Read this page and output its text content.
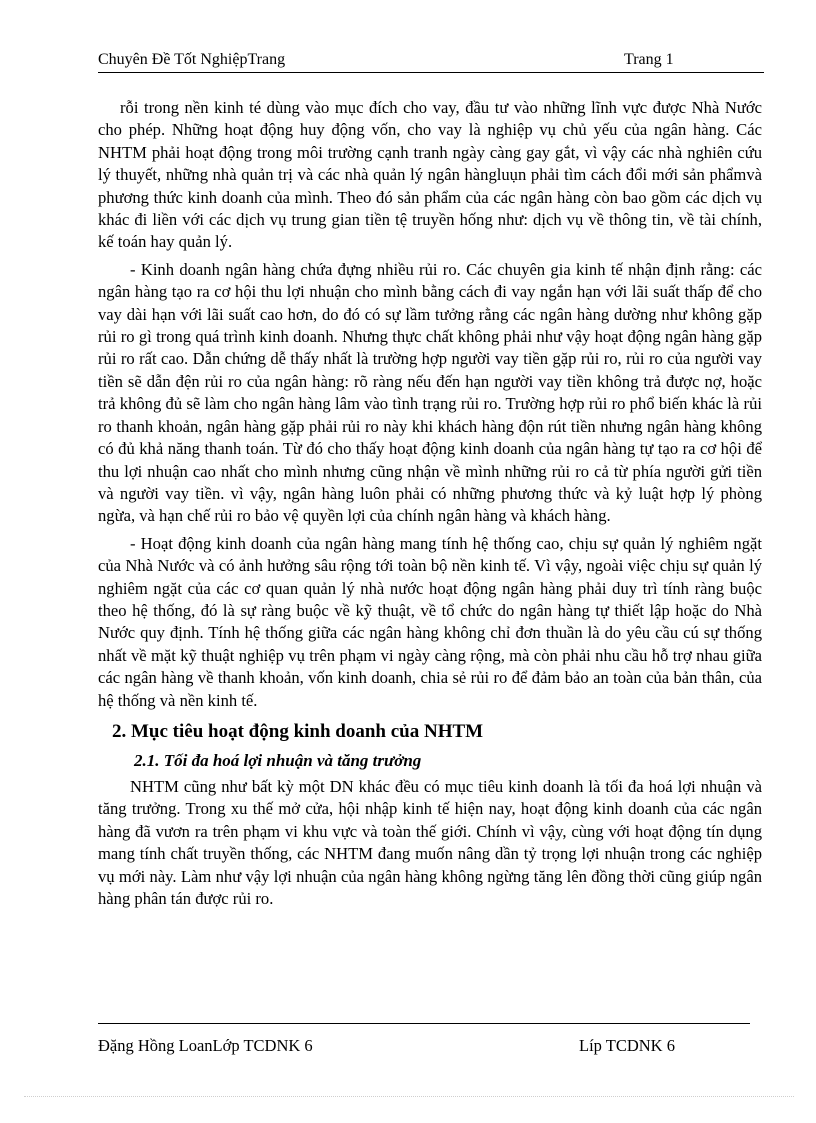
Chuyên Đề Tốt NghiệpTrang	Trang 1

rỗi trong nền kinh té dùng vào mục đích cho vay, đầu tư vào những lĩnh vực được Nhà Nước cho phép. Những hoạt động huy động vốn, cho vay là nghiệp vụ chủ yếu của ngân hàng. Các NHTM phải hoạt động trong môi trường cạnh tranh ngày càng gay gắt, vì vậy các nhà nghiên cứu lý thuyết, những nhà quản trị và các nhà quản lý ngân hàngluụn phải tìm cách đổi mới sản phẩmvà phương thức kinh doanh của mình. Theo đó sản phẩm của các ngân hàng còn bao gồm các dịch vụ khác đi liền với các dịch vụ trung gian tiền tệ truyền hống như: dịch vụ về thông tin, về tài chính, kế toán hay quản lý.

- Kinh doanh ngân hàng chứa đựng nhiều rủi ro. Các chuyên gia kinh tế nhận định rằng: các ngân hàng tạo ra cơ hội thu lợi nhuận cho mình bằng cách đi vay ngắn hạn với lãi suất thấp để cho vay dài hạn với lãi suất cao hơn, do đó có sự lầm tưởng rằng các ngân hàng dường như không gặp rủi ro gì trong quá trình kinh doanh. Nhưng thực chất không phải như vậy hoạt động ngân hàng gặp rủi ro rất cao. Dẫn chứng dễ thấy nhất là trường hợp người vay tiền gặp rủi ro, rủi ro của người vay tiền sẽ dẫn đện rủi ro của ngân hàng: rõ ràng nếu đến hạn người vay tiền không trả được nợ, hoặc trả không đủ sẽ làm cho ngân hàng lâm vào tình trạng rủi ro. Trường hợp rủi ro phổ biến khác là rủi ro thanh khoản, ngân hàng gặp phải rủi ro này khi khách hàng độn rút tiền nhưng ngân hàng không có đủ khả năng thanh toán. Từ đó cho thấy hoạt động kinh doanh của ngân hàng tự tạo ra cơ hội để thu lợi nhuận cao nhất cho mình nhưng cũng nhận về mình những rủi ro cả từ phía người gửi tiền và người vay tiền. vì vậy, ngân hàng luôn phải có những phương thức và kỷ luật hợp lý phòng ngừa, và hạn chế rủi ro bảo vệ quyền lợi của chính ngân hàng và khách hàng.

- Hoạt động kinh doanh của ngân hàng mang tính hệ thống cao, chịu sự quản lý nghiêm ngặt của Nhà Nước và có ảnh hưởng sâu rộng tới toàn bộ nền kinh tế. Vì vậy, ngoài việc chịu sự quản lý nghiêm ngặt của các cơ quan quản lý nhà nước hoạt động ngân hàng phải duy trì tính ràng buộc theo hệ thống, đó là sự ràng buộc về kỹ thuật, về tổ chức do ngân hàng tự thiết lập hoặc do Nhà Nước quy định. Tính hệ thống giữa các ngân hàng không chỉ đơn thuần là do yêu cầu cú sự thống nhất về mặt kỹ thuật nghiệp vụ trên phạm vi ngày càng rộng, mà còn phải nhu cầu hỗ trợ nhau giữa các ngân hàng về thanh khoản, vốn kinh doanh, chia sẻ rủi ro để đảm bảo an toàn của bản thân, của hệ thống và nền kinh tế.

2. Mục tiêu hoạt động kinh doanh của NHTM
2.1. Tối đa hoá lợi nhuận và tăng trưởng

NHTM cũng như bất kỳ một DN khác đều có mục tiêu kinh doanh là tối đa hoá lợi nhuận và tăng trưởng. Trong xu thế mở cửa, hội nhập kinh tế hiện nay, hoạt động kinh doanh của các ngân hàng đã vươn ra trên phạm vi khu vực và toàn thế giới. Chính vì vậy, cùng với hoạt động tín dụng mang tính chất truyền thống, các NHTM đang muốn nâng dần tỷ trọng lợi nhuận trong các nghiệp vụ mới này. Làm như vậy lợi nhuận của ngân hàng không ngừng tăng lên đồng thời cũng giúp ngân hàng phân tán được rủi ro.

Đặng Hồng LoanLớp TCDNK 6	Líp TCDNK 6
